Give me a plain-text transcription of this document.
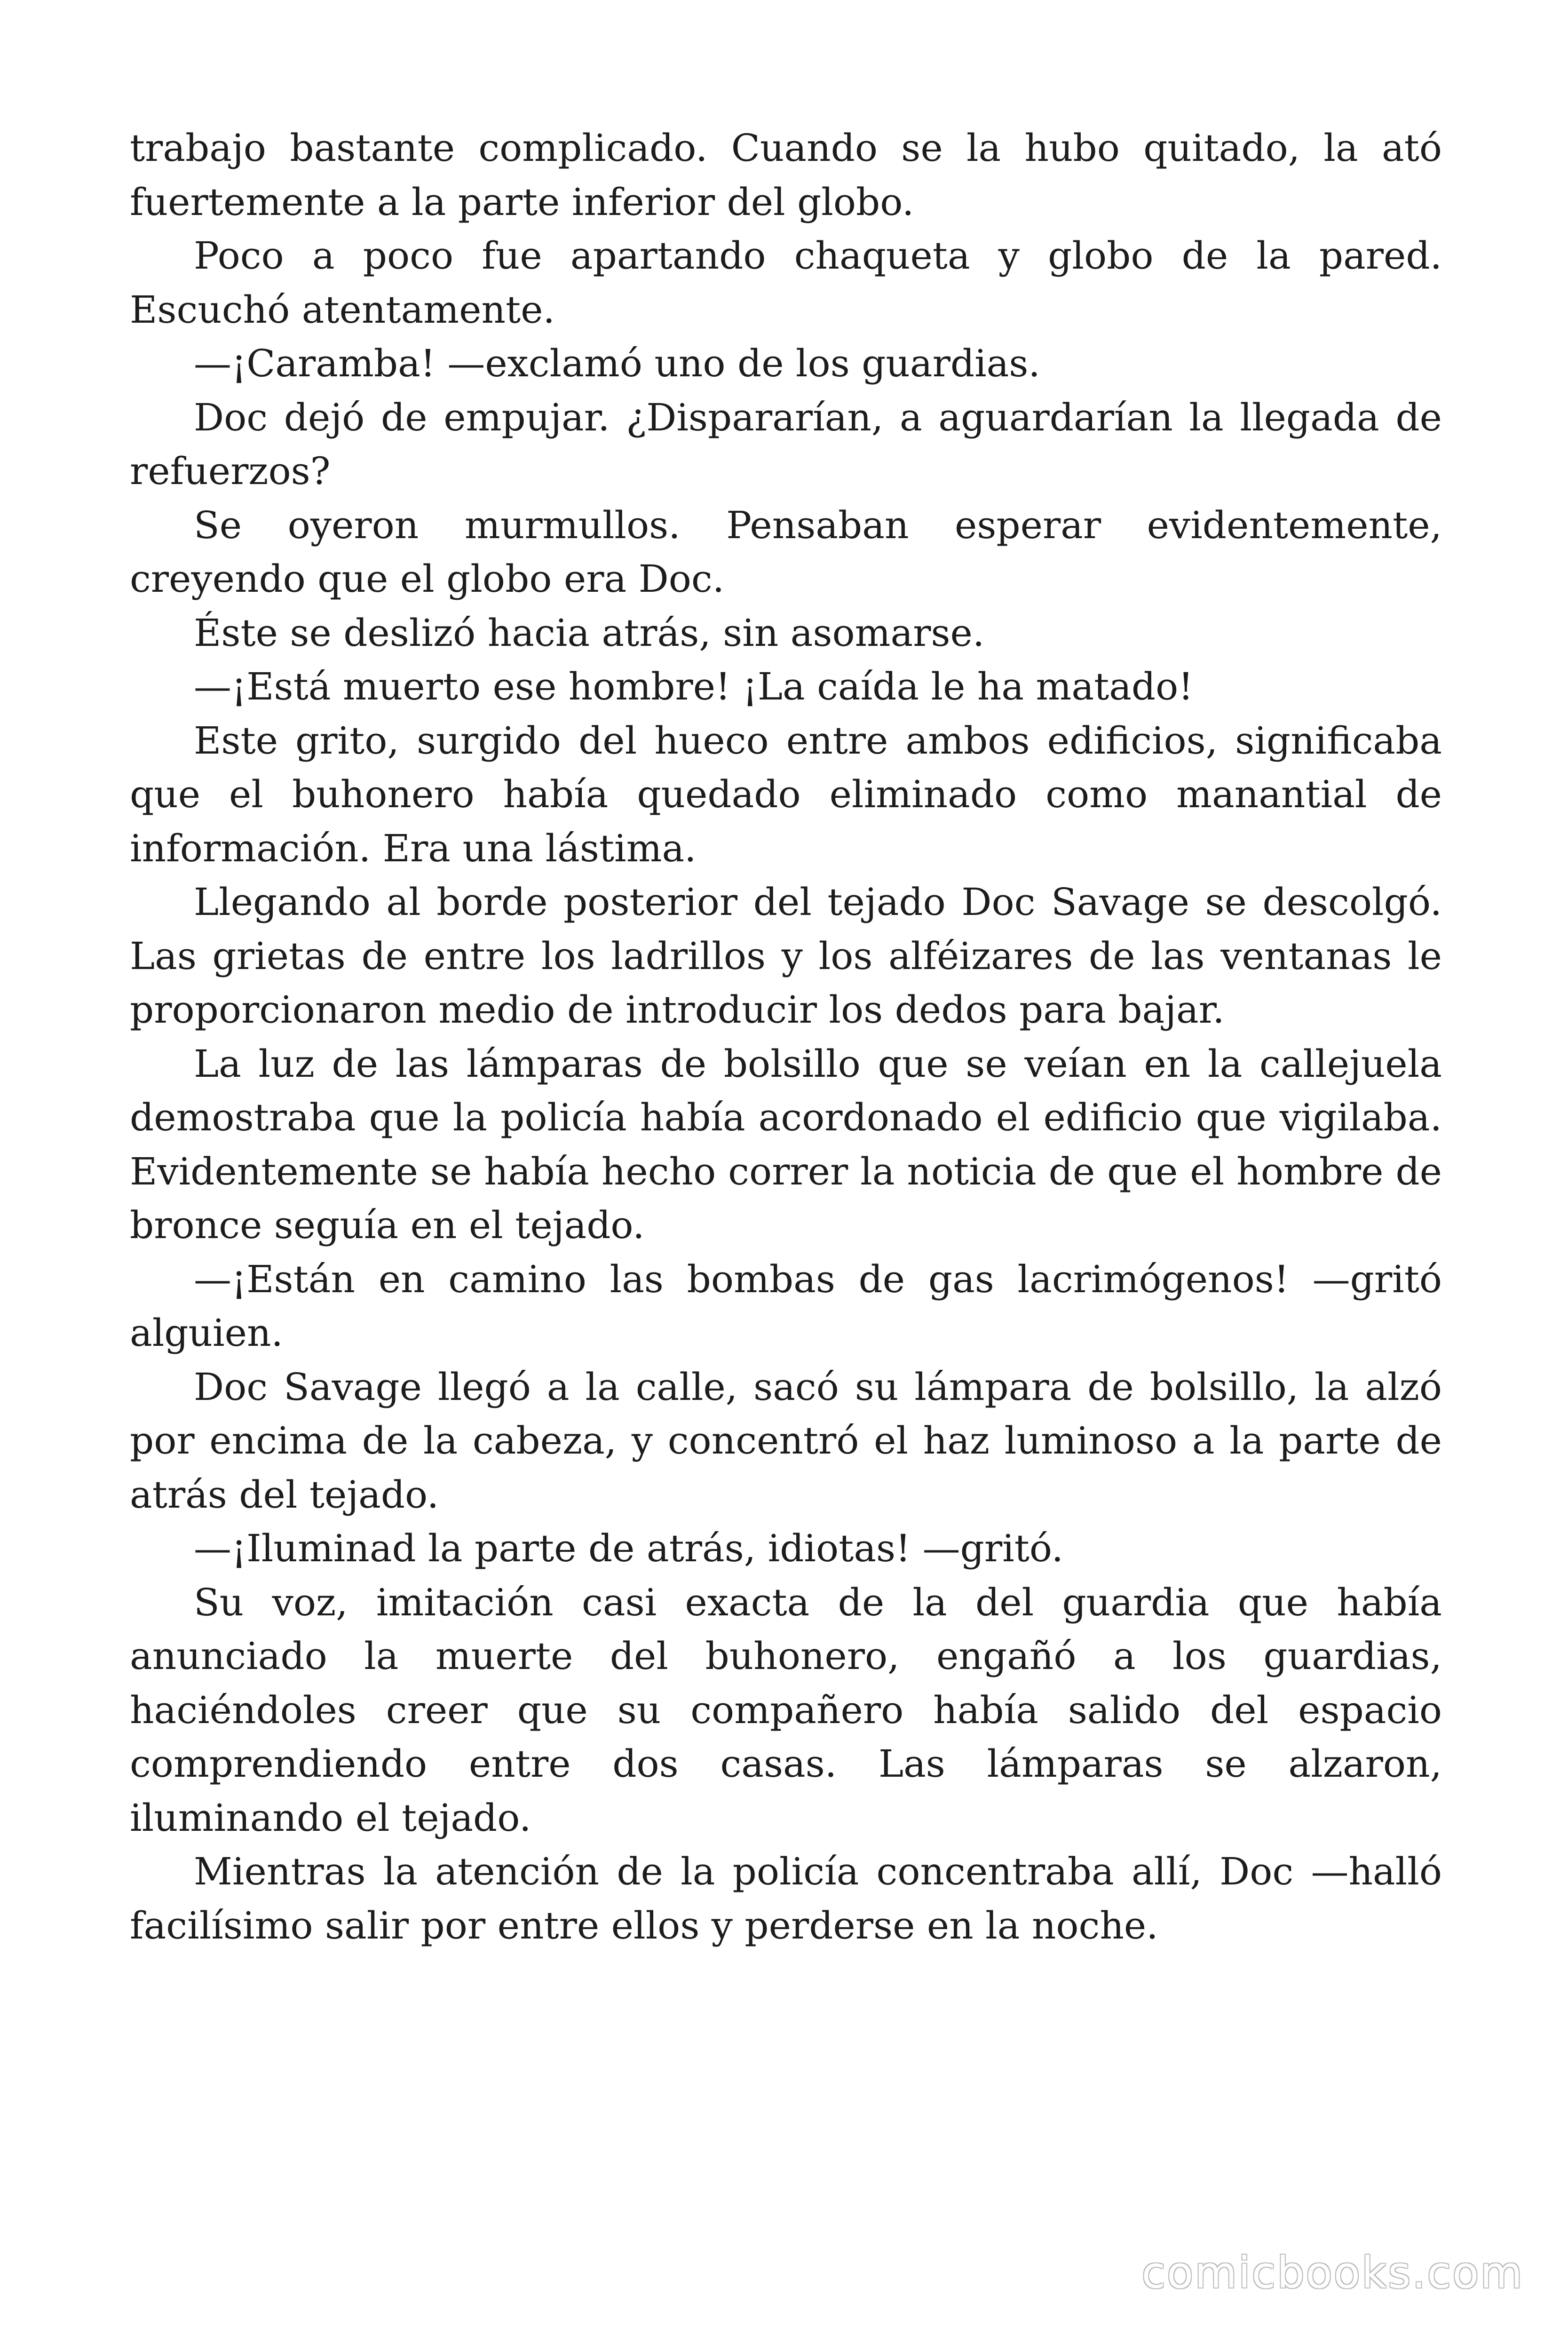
trabajo bastante complicado. Cuando se la hubo quitado, la ató fuertemente a la parte inferior del globo.

Poco a poco fue apartando chaqueta y globo de la pared. Escuchó atentamente.

—¡Caramba! —exclamó uno de los guardias.

Doc dejó de empujar. ¿Dispararían, a aguardarían la llegada de refuerzos?

Se oyeron murmullos. Pensaban esperar evidentemente, creyendo que el globo era Doc.

Éste se deslizó hacia atrás, sin asomarse.

—¡Está muerto ese hombre! ¡La caída le ha matado!

Este grito, surgido del hueco entre ambos edificios, significaba que el buhonero había quedado eliminado como manantial de información. Era una lástima.

Llegando al borde posterior del tejado Doc Savage se descolgó. Las grietas de entre los ladrillos y los alféizares de las ventanas le proporcionaron medio de introducir los dedos para bajar.

La luz de las lámparas de bolsillo que se veían en la callejuela demostraba que la policía había acordonado el edificio que vigilaba. Evidentemente se había hecho correr la noticia de que el hombre de bronce seguía en el tejado.

—¡Están en camino las bombas de gas lacrimógenos! —gritó alguien.

Doc Savage llegó a la calle, sacó su lámpara de bolsillo, la alzó por encima de la cabeza, y concentró el haz luminoso a la parte de atrás del tejado.

—¡Iluminad la parte de atrás, idiotas! —gritó.

Su voz, imitación casi exacta de la del guardia que había anunciado la muerte del buhonero, engañó a los guardias, haciéndoles creer que su compañero había salido del espacio comprendiendo entre dos casas. Las lámparas se alzaron, iluminando el tejado.

Mientras la atención de la policía concentraba allí, Doc —halló facilísimo salir por entre ellos y perderse en la noche.

comicbooks.com
